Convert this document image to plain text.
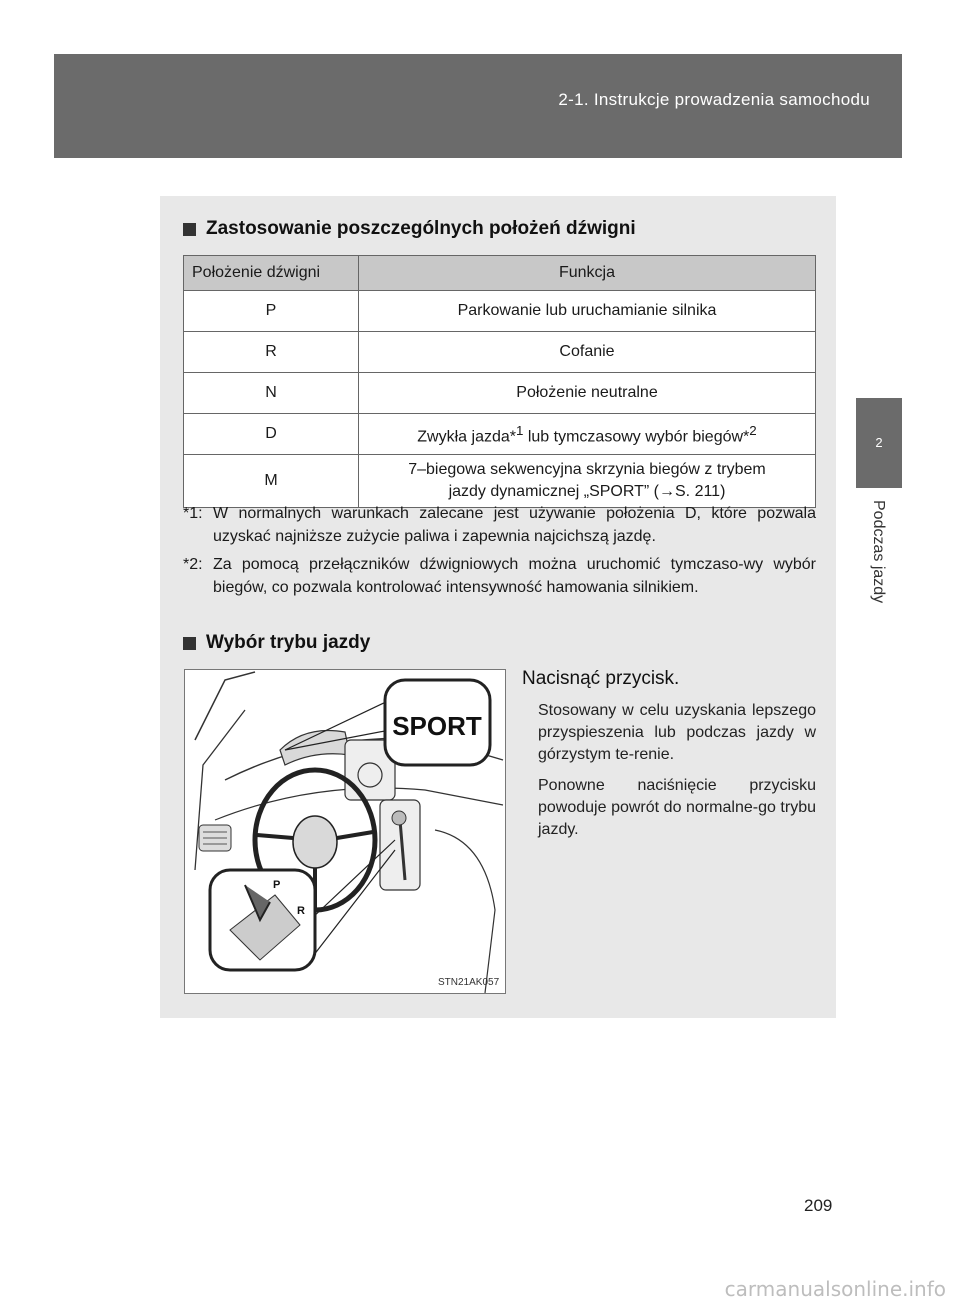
2-1. Instrukcje prowadzenia samochodu
2
Podczas jazdy
Zastosowanie poszczególnych położeń dźwigni
Położenie dźwigni	Funkcja
P	Parkowanie lub uruchamianie silnika
R	Cofanie
N	Położenie neutralne
D	Zwykła jazda*$^1$ lub tymczasowy wybór biegów*$^2$
M	7–biegowa sekwencyjna skrzynia biegów z trybem
jazdy dynamicznej „SPORT” (→S. 211)
*1: W normalnych warunkach zalecane jest używanie położenia D, które pozwala uzyskać najniższe zużycie paliwa i zapewnia najcichszą jazdę.
*2: Za pomocą przełączników dźwigniowych można uruchomić tymczaso-wy wybór biegów, co pozwala kontrolować intensywność hamowania silnikiem.
Wybór trybu jazdy
SPORT
P
R
STN21AK057
Nacisnąć przycisk.

Stosowany w celu uzyskania lepszego przyspieszenia lub podczas jazdy w górzystym te-renie.

Ponowne naciśnięcie przycisku powoduje powrót do normalne-go trybu jazdy.

209
carmanualsonline.info
